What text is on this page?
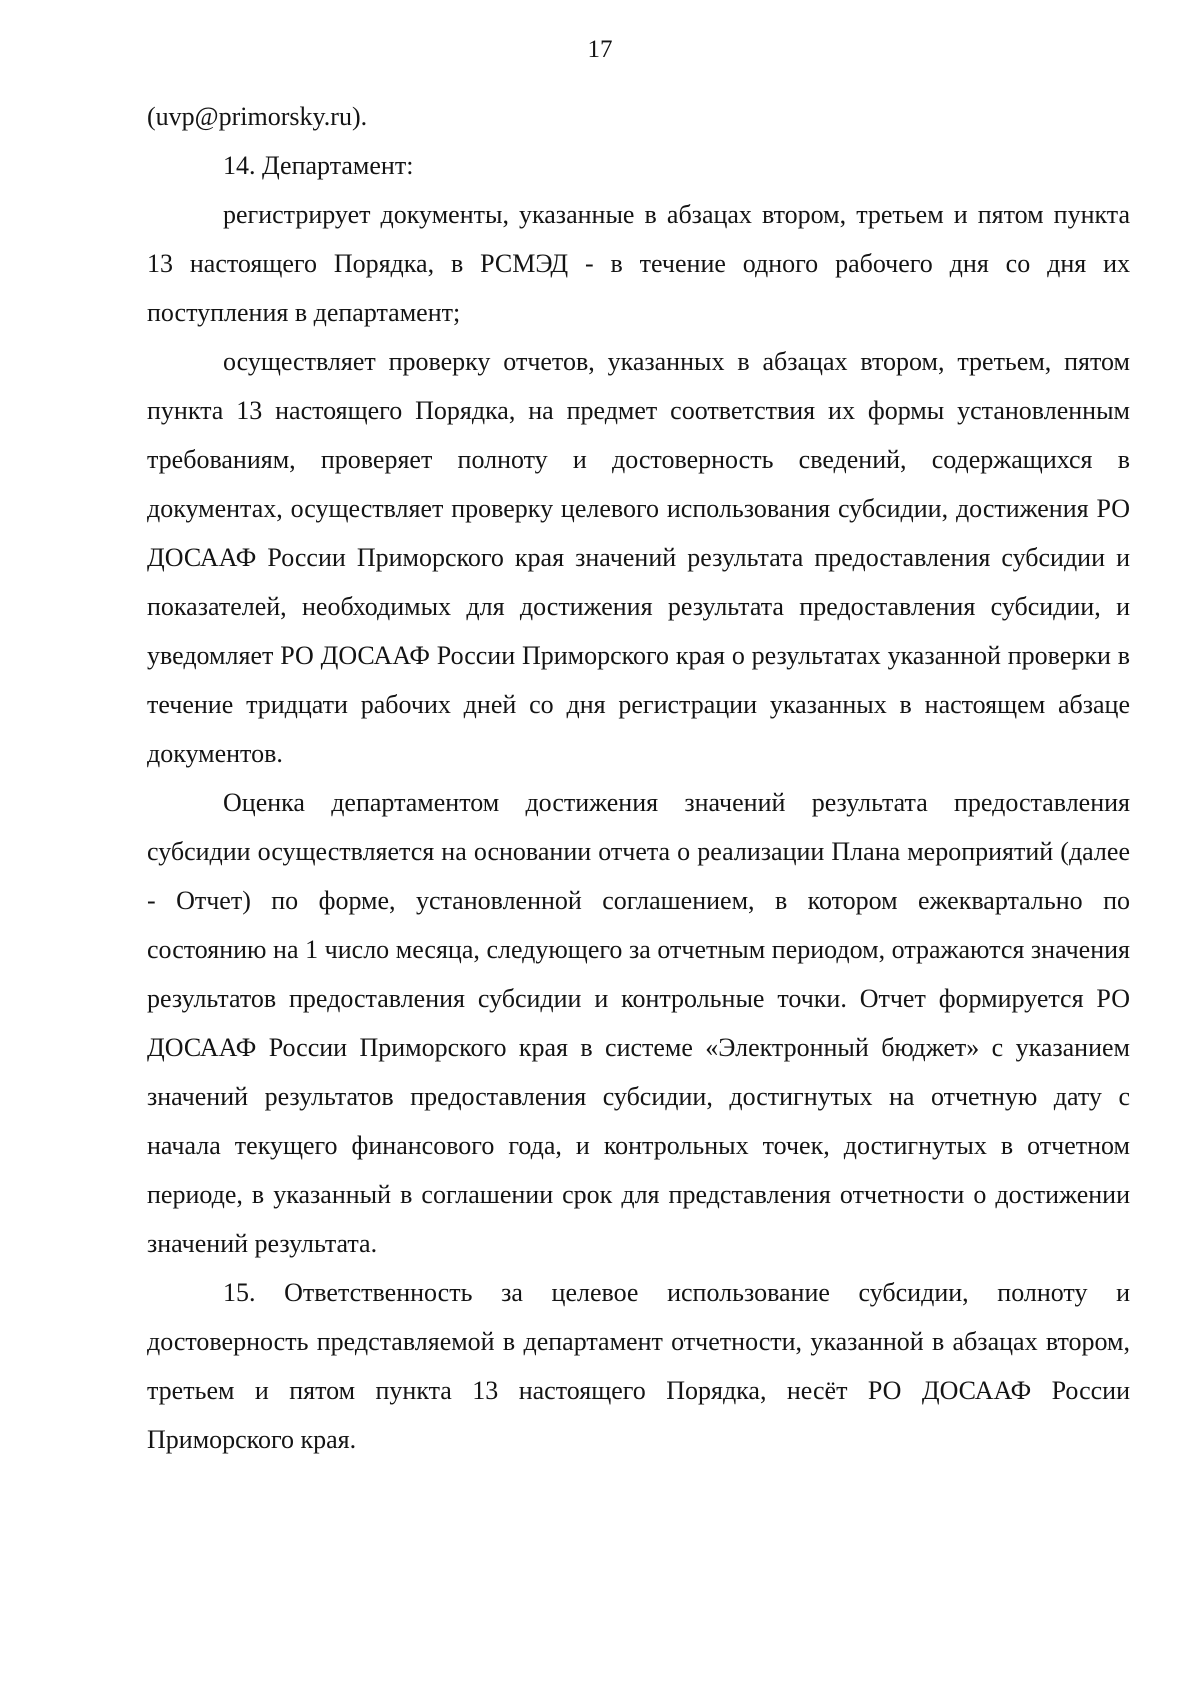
17

(uvp@primorsky.ru).

14. Департамент:

регистрирует документы, указанные в абзацах втором, третьем и пятом пункта 13 настоящего Порядка, в РСМЭД - в течение одного рабочего дня со дня их поступления в департамент;

осуществляет проверку отчетов, указанных в абзацах втором, третьем, пятом пункта 13 настоящего Порядка, на предмет соответствия их формы установленным требованиям, проверяет полноту и достоверность сведений, содержащихся в документах, осуществляет проверку целевого использования субсидии, достижения РО ДОСААФ России Приморского края значений результата предоставления субсидии и показателей, необходимых для достижения результата предоставления субсидии, и уведомляет РО ДОСААФ России Приморского края о результатах указанной проверки в течение тридцати рабочих дней со дня регистрации указанных в настоящем абзаце документов.

Оценка департаментом достижения значений результата предоставления субсидии осуществляется на основании отчета о реализации Плана мероприятий (далее - Отчет) по форме, установленной соглашением, в котором ежеквартально по состоянию на 1 число месяца, следующего за отчетным периодом, отражаются значения результатов предоставления субсидии и контрольные точки. Отчет формируется РО ДОСААФ России Приморского края в системе «Электронный бюджет» с указанием значений результатов предоставления субсидии, достигнутых на отчетную дату с начала текущего финансового года, и контрольных точек, достигнутых в отчетном периоде, в указанный в соглашении срок для представления отчетности о достижении значений результата.

15. Ответственность за целевое использование субсидии, полноту и достоверность представляемой в департамент отчетности, указанной в абзацах втором, третьем и пятом пункта 13 настоящего Порядка, несёт РО ДОСААФ России Приморского края.
